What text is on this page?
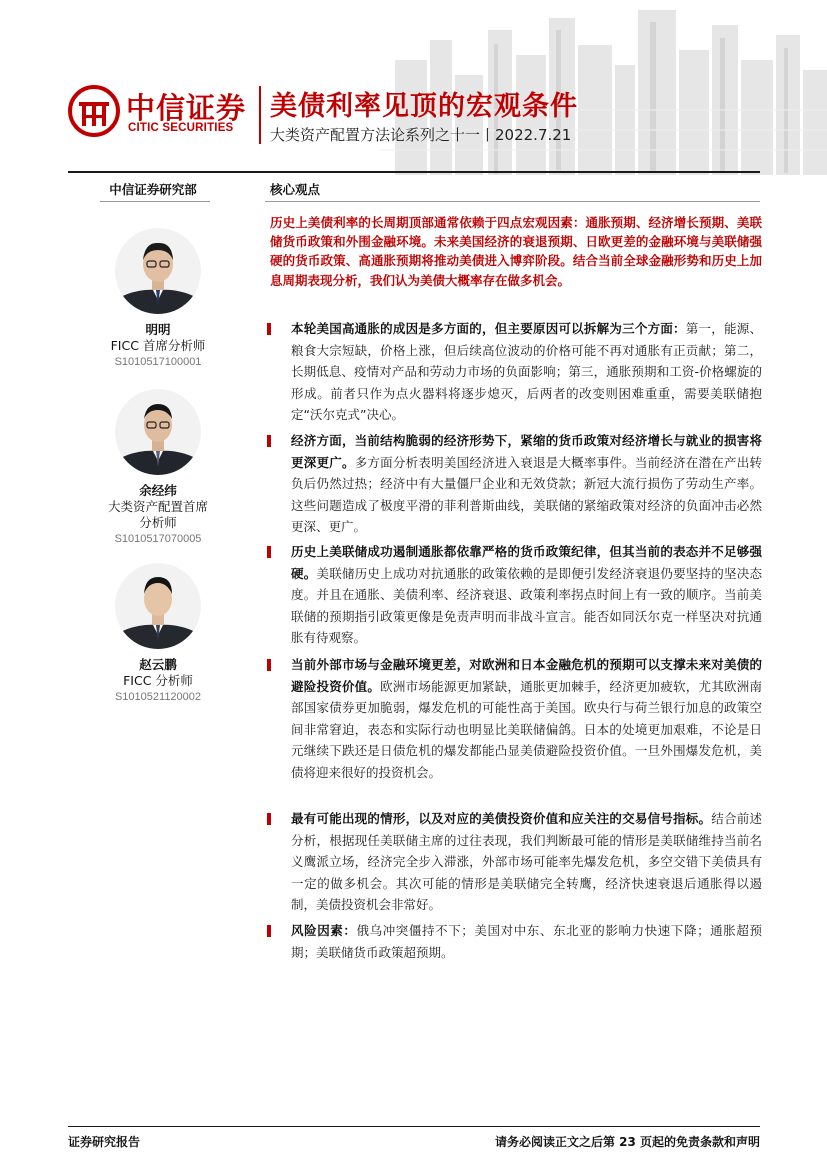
中信证券
CITIC SECURITIES
美债利率见顶的宏观条件
大类资产配置方法论系列之十一丨2022.7.21
中信证券研究部
明明
FICC 首席分析师
S1010517100001
余经纬
大类资产配置首席分析师
S1010517070005
赵云鹏
FICC 分析师
S1010521120002
核心观点
历史上美债利率的长周期顶部通常依赖于四点宏观因素：通胀预期、经济增长预期、美联储货币政策和外围金融环境。未来美国经济的衰退预期、日欧更差的金融环境与美联储强硬的货币政策、高通胀预期将推动美债进入博弈阶段。结合当前全球金融形势和历史上加息周期表现分析，我们认为美债大概率存在做多机会。
本轮美国高通胀的成因是多方面的，但主要原因可以拆解为三个方面：第一，能源、粮食大宗短缺，价格上涨，但后续高位波动的价格可能不再对通胀有正贡献；第二，长期低息、疫情对产品和劳动力市场的负面影响；第三，通胀预期和工资-价格螺旋的形成。前者只作为点火器料将逐步熄灭，后两者的改变则困难重重，需要美联储抱定“沃尔克式”决心。
经济方面，当前结构脆弱的经济形势下，紧缩的货币政策对经济增长与就业的损害将更深更广。多方面分析表明美国经济进入衰退是大概率事件。当前经济在潜在产出转负后仍然过热；经济中有大量僵尸企业和无效贷款；新冠大流行损伤了劳动生产率。这些问题造成了极度平滑的菲利普斯曲线，美联储的紧缩政策对经济的负面冲击必然更深、更广。
历史上美联储成功遏制通胀都依靠严格的货币政策纪律，但其当前的表态并不足够强硬。美联储历史上成功对抗通胀的政策依赖的是即便引发经济衰退仍要坚持的坚决态度。并且在通胀、美债利率、经济衰退、政策利率拐点时间上有一致的顺序。当前美联储的预期指引政策更像是免责声明而非战斗宣言。能否如同沃尔克一样坚决对抗通胀有待观察。
当前外部市场与金融环境更差，对欧洲和日本金融危机的预期可以支撑未来对美债的避险投资价值。欧洲市场能源更加紧缺，通胀更加棘手，经济更加疲软，尤其欧洲南部国家债券更加脆弱，爆发危机的可能性高于美国。欧央行与荷兰银行加息的政策空间非常窘迫，表态和实际行动也明显比美联储偏鸽。日本的处境更加艰难，不论是日元继续下跌还是日债危机的爆发都能凸显美债避险投资价值。一旦外围爆发危机，美债将迎来很好的投资机会。
最有可能出现的情形，以及对应的美债投资价值和应关注的交易信号指标。结合前述分析，根据现任美联储主席的过往表现，我们判断最可能的情形是美联储维持当前名义鹰派立场，经济完全步入滞涨，外部市场可能率先爆发危机，多空交错下美债具有一定的做多机会。其次可能的情形是美联储完全转鹰，经济快速衰退后通胀得以遏制，美债投资机会非常好。
风险因素：俄乌冲突僵持不下；美国对中东、东北亚的影响力快速下降；通胀超预期；美联储货币政策超预期。
证券研究报告	请务必阅读正文之后第 23 页起的免责条款和声明
